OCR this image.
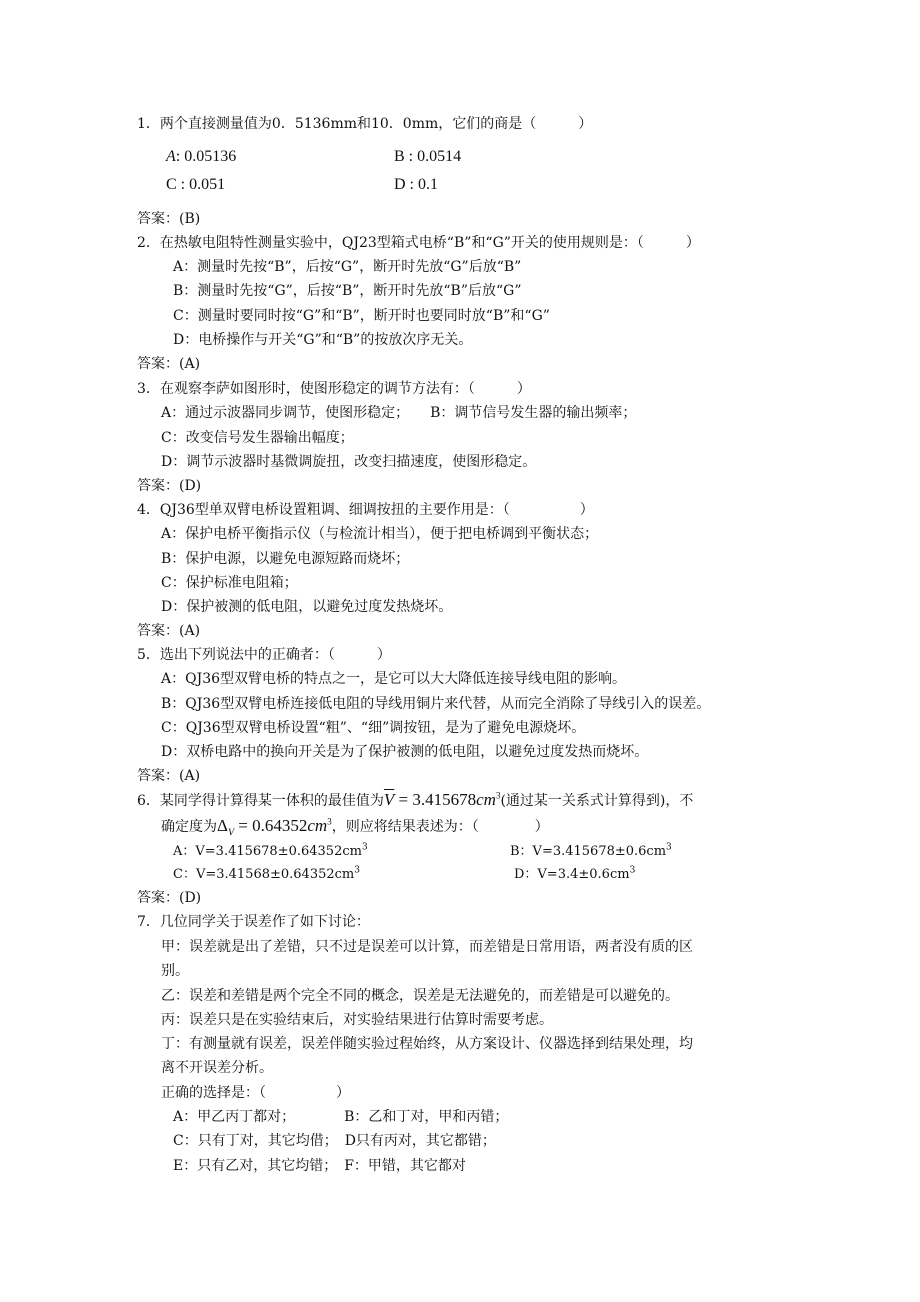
1．两个直接测量值为0．5136mm和10．0mm，它们的商是（　　　）
A: 0.05136	B : 0.0514
C : 0.051	D : 0.1
答案：(B)
2．在热敏电阻特性测量实验中，QJ23型箱式电桥“B”和“G”开关的使用规则是：（　　　）
A：测量时先按“B”，后按“G”，断开时先放“G”后放“B”
B：测量时先按“G”，后按“B”，断开时先放“B”后放“G”
C：测量时要同时按“G”和“B”，断开时也要同时放“B”和“G”
D：电桥操作与开关“G”和“B”的按放次序无关。
答案：(A)
3．在观察李萨如图形时，使图形稳定的调节方法有：（　　　）
A：通过示波器同步调节，使图形稳定；　　B：调节信号发生器的输出频率；
C：改变信号发生器输出幅度；
D：调节示波器时基微调旋扭，改变扫描速度，使图形稳定。
答案：(D)
4．QJ36型单双臂电桥设置粗调、细调按扭的主要作用是：（　　　　　）
A：保护电桥平衡指示仪（与检流计相当），便于把电桥调到平衡状态；
B：保护电源，以避免电源短路而烧坏；
C：保护标准电阻箱；
D：保护被测的低电阻，以避免过度发热烧坏。
答案：(A)
5．选出下列说法中的正确者：（　　　）
A：QJ36型双臂电桥的特点之一，是它可以大大降低连接导线电阻的影响。
B：QJ36型双臂电桥连接低电阻的导线用铜片来代替，从而完全消除了导线引入的误差。
C：QJ36型双臂电桥设置“粗”、“细”调按钮，是为了避免电源烧坏。
D：双桥电路中的换向开关是为了保护被测的低电阻，以避免过度发热而烧坏。
答案：(A)
6．某同学得计算得某一体积的最佳值为$\overline{V} = 3.415678cm^3$(通过某一关系式计算得到)，不
确定度为$\Delta_V = 0.64352cm^3$，则应将结果表述为：（　　　　）
A：$V=3.415678\pm 0.64352cm^3$	B：$V=3.415678\pm 0.6cm^3$
C：$V=3.41568\pm 0.64352cm^3$	D：$V=3.4\pm 0.6cm^3$
答案：(D)
7．几位同学关于误差作了如下讨论：
甲：误差就是出了差错，只不过是误差可以计算，而差错是日常用语，两者没有质的区
别。
乙：误差和差错是两个完全不同的概念，误差是无法避免的，而差错是可以避免的。
丙：误差只是在实验结束后，对实验结果进行估算时需要考虑。
丁：有测量就有误差，误差伴随实验过程始终，从方案设计、仪器选择到结果处理，均
离不开误差分析。
正确的选择是：（　　　　　）
A：甲乙丙丁都对；　　　　B：乙和丁对，甲和丙错；
C：只有丁对，其它均借；　D只有丙对，其它都错；
E：只有乙对，其它均错；　F：甲错，其它都对
